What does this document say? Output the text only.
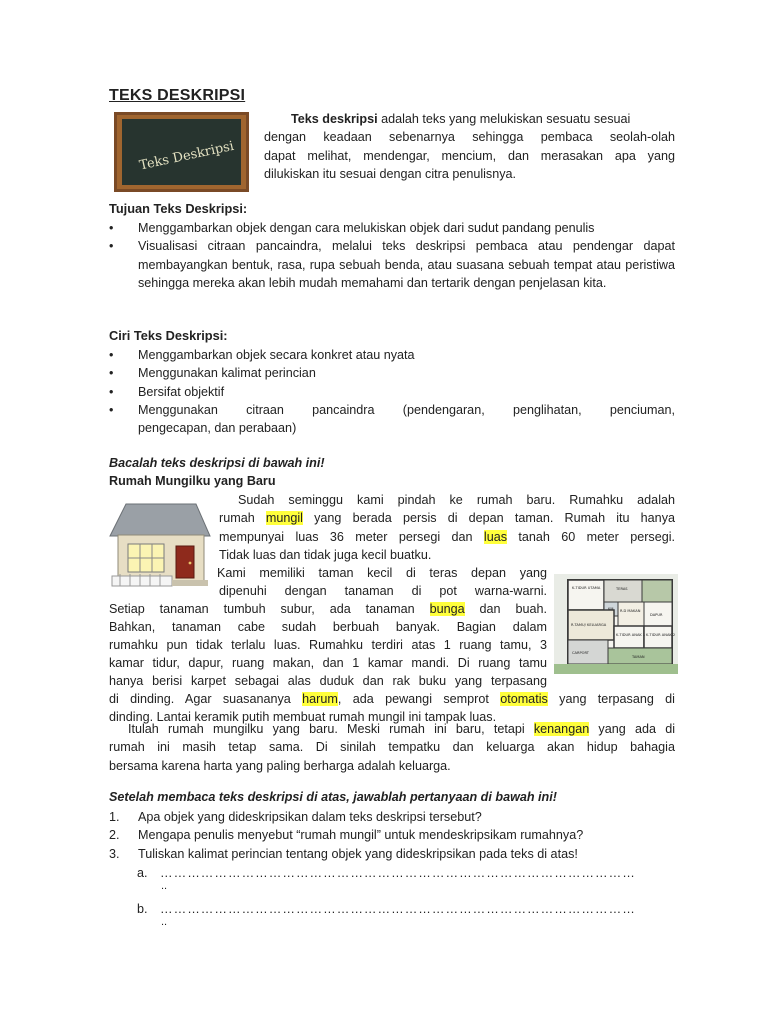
TEKS DESKRIPSI
Teks Deskripsi
Teks deskripsi adalah teks yang melukiskan sesuatu sesuai
dengan keadaan sebenarnya sehingga pembaca seolah-olah
dapat melihat, mendengar, mencium, dan merasakan apa yang
dilukiskan itu sesuai dengan citra penulisnya.
Tujuan Teks Deskripsi:
• Menggambarkan objek dengan cara melukiskan objek dari sudut pandang penulis
• Visualisasi citraan pancaindra, melalui teks deskripsi pembaca atau pendengar dapat membayangkan bentuk, rasa, rupa sebuah benda, atau suasana sebuah tempat atau peristiwa sehingga mereka akan lebih mudah memahami dan tertarik dengan penjelasan kita.
Ciri Teks Deskripsi:
• Menggambarkan objek secara konkret atau nyata
• Menggunakan kalimat perincian
• Bersifat objektif
• Menggunakan citraan pancaindra (pendengaran, penglihatan, penciuman,
pengecapan, dan perabaan)
Bacalah teks deskripsi di bawah ini!
Rumah Mungilku yang Baru
Sudah seminggu kami pindah ke rumah baru. Rumahku adalah
rumah mungil yang berada persis di depan taman. Rumah itu hanya
mempunyai luas 36 meter persegi dan luas tanah 60 meter persegi.
Tidak luas dan tidak juga kecil buatku.
Kami memiliki taman kecil di teras depan yang
dipenuhi dengan tanaman di pot warna-warni.
Setiap tanaman tumbuh subur, ada tanaman bunga dan buah.
Bahkan, tanaman cabe sudah berbuah banyak. Bagian dalam
rumahku pun tidak terlalu luas. Rumahku terdiri atas 1 ruang tamu, 3
kamar tidur, dapur, ruang makan, dan 1 kamar mandi. Di ruang tamu
hanya berisi karpet sebagai alas duduk dan rak buku yang terpasang
di dinding. Agar suasananya harum, ada pewangi semprot otomatis yang terpasang di
dinding. Lantai keramik putih membuat rumah mungil ini tampak luas.
K.TIDUR UTAMA	TERAS
KM R.D MAKAN
DAPUR
K.TIDUR ANAK 1 K.TIDUR ANAK 2
R.TAMU/ KELUARGA
CARPORT
TAMAN
Itulah rumah mungilku yang baru. Meski rumah ini baru, tetapi kenangan yang ada di
rumah ini masih tetap sama. Di sinilah tempatku dan keluarga akan hidup bahagia
bersama karena harta yang paling berharga adalah keluarga.
Setelah membaca teks deskripsi di atas, jawablah pertanyaan di bawah ini!
1. Apa objek yang dideskripsikan dalam teks deskripsi tersebut?
2. Mengapa penulis menyebut “rumah mungil” untuk mendeskripsikam rumahnya?
3. Tuliskan kalimat perincian tentang objek yang dideskripsikan pada teks di atas!
a. ……………………………………………………………………………………………
..
b. ……………………………………………………………………………………………
..
